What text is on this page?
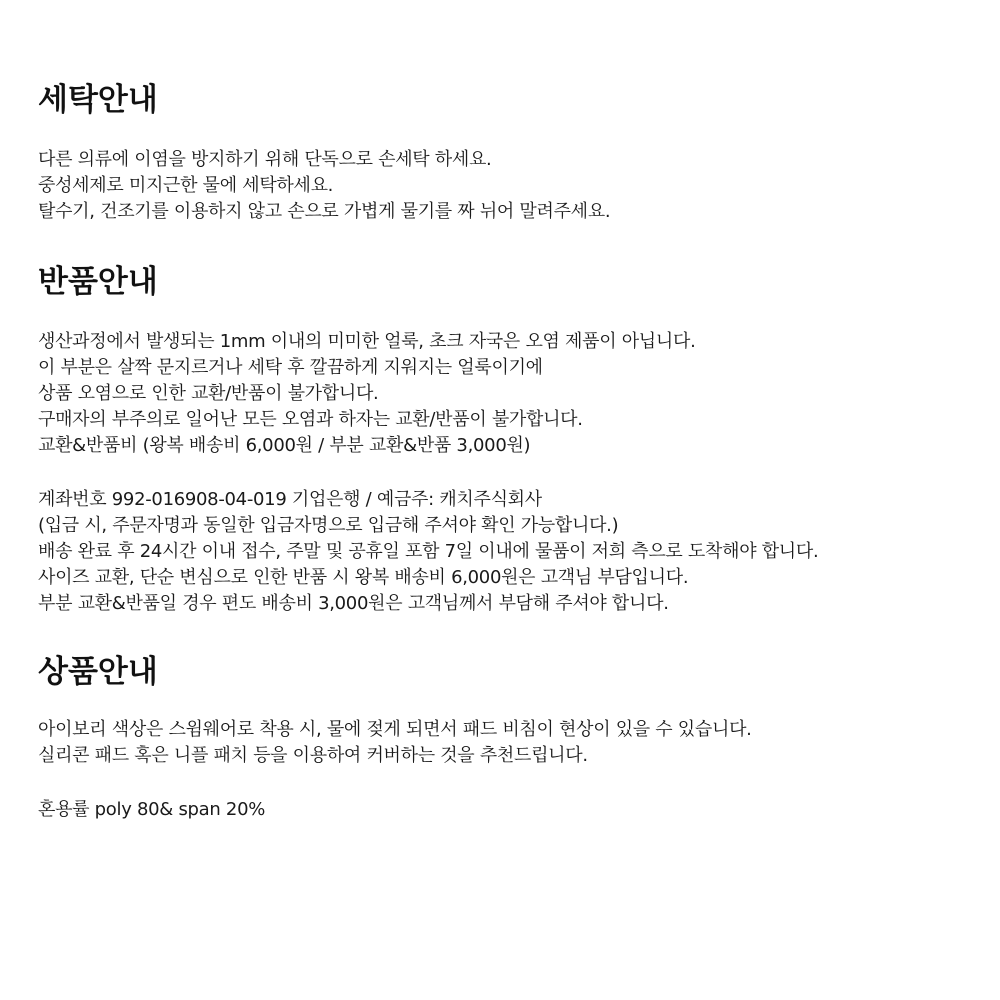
세탁안내

다른 의류에 이염을 방지하기 위해 단독으로 손세탁 하세요.

중성세제로 미지근한 물에 세탁하세요.

탈수기, 건조기를 이용하지 않고 손으로 가볍게 물기를 짜 뉘어 말려주세요.

반품안내

생산과정에서 발생되는 1mm 이내의 미미한 얼룩, 초크 자국은 오염 제품이 아닙니다.

이 부분은 살짝 문지르거나 세탁 후 깔끔하게 지워지는 얼룩이기에

상품 오염으로 인한 교환/반품이 불가합니다.

구매자의 부주의로 일어난 모든 오염과 하자는 교환/반품이 불가합니다.

교환&반품비 (왕복 배송비 6,000원 / 부분 교환&반품 3,000원)

계좌번호 992-016908-04-019 기업은행 / 예금주: 캐치주식회사

(입금 시, 주문자명과 동일한 입금자명으로 입금해 주셔야 확인 가능합니다.)

배송 완료 후 24시간 이내 접수, 주말 및 공휴일 포함 7일 이내에 물품이 저희 측으로 도착해야 합니다.

사이즈 교환, 단순 변심으로 인한 반품 시 왕복 배송비 6,000원은 고객님 부담입니다.

부분 교환&반품일 경우 편도 배송비 3,000원은 고객님께서 부담해 주셔야 합니다.

상품안내

아이보리 색상은 스윔웨어로 착용 시, 물에 젖게 되면서 패드 비침이 현상이 있을 수 있습니다.

실리콘 패드 혹은 니플 패치 등을 이용하여 커버하는 것을 추천드립니다.

혼용률 poly 80& span 20%
